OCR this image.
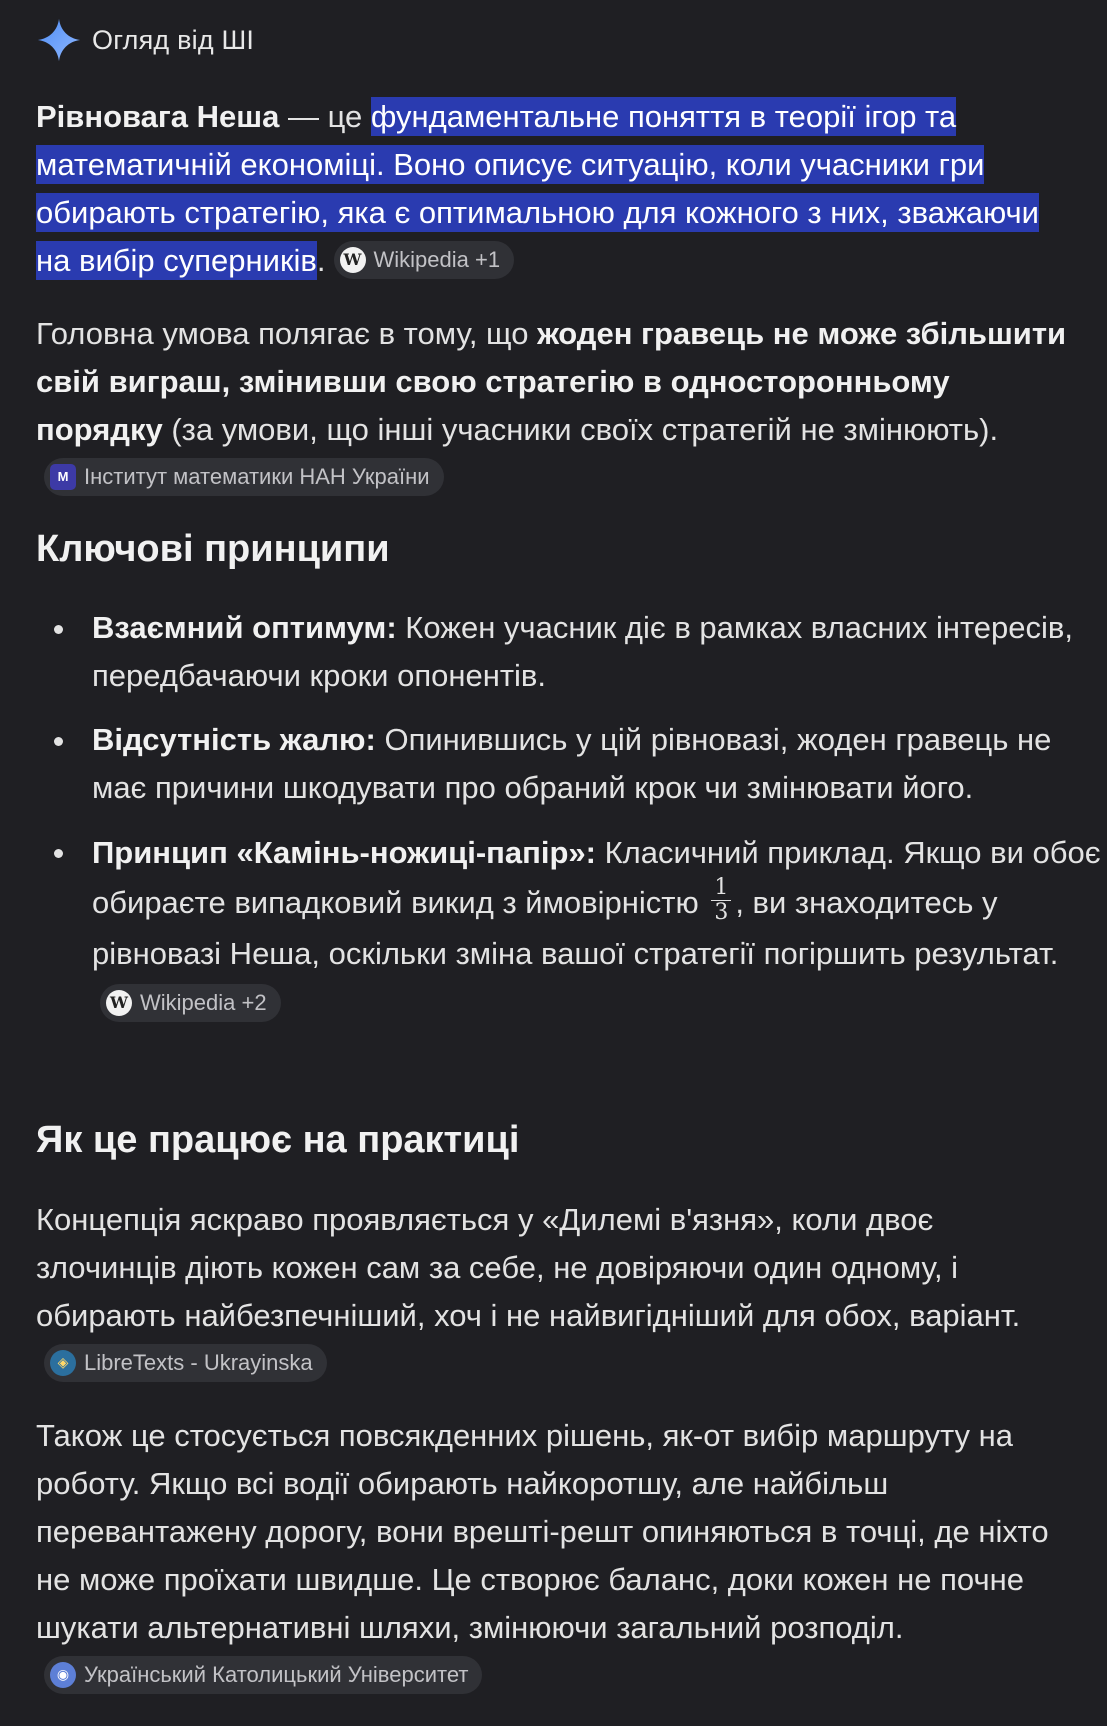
Огляд від ШІ

Рівновага Неша — це фундаментальне поняття в теорії ігор та математичній економіці. Воно описує ситуацію, коли учасники гри обирають стратегію, яка є оптимальною для кожного з них, зважаючи на вибір суперників. W Wikipedia +1

Головна умова полягає в тому, що жоден гравець не може збільшити свій виграш, змінивши свою стратегію в односторонньому порядку (за умови, що інші учасники своїх стратегій не змінюють).
M Інститут математики НАН України

Ключові принципи
Взаємний оптимум: Кожен учасник діє в рамках власних інтересів, передбачаючи кроки опонентів.
Відсутність жалю: Опинившись у цій рівновазі, жоден гравець не має причини шкодувати про обраний крок чи змінювати його.
Принцип «Камінь-ножиці-папір»: Класичний приклад. Якщо ви обоє обираєте випадковий викид з ймовірністю $\frac{1}{3}$ , ви знаходитесь у рівновазі Неша, оскільки зміна вашої стратегії погіршить результат.
W Wikipedia +2
Як це працює на практиці

Концепція яскраво проявляється у «Дилемі в'язня», коли двоє злочинців діють кожен сам за себе, не довіряючи один одному, і обирають найбезпечніший, хоч і не найвигідніший для обох, варіант.
◈ LibreTexts - Ukrayinska

Також це стосується повсякденних рішень, як-от вибір маршруту на роботу. Якщо всі водії обирають найкоротшу, але найбільш перевантажену дорогу, вони врешті-решт опиняються в точці, де ніхто не може проїхати швидше. Це створює баланс, доки кожен не почне шукати альтернативні шляхи, змінюючи загальний розподіл.
◉ Український Католицький Університет
